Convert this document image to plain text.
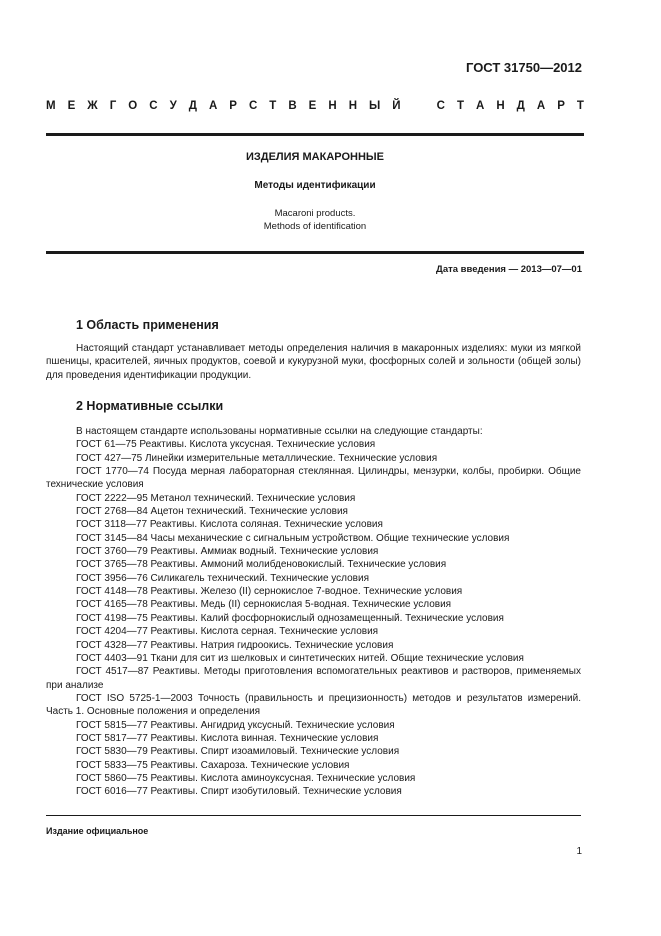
ГОСТ 31750—2012
М Е Ж Г О С У Д А Р С Т В Е Н Н Ы Й	С Т А Н Д А Р Т
ИЗДЕЛИЯ МАКАРОННЫЕ
Методы идентификации
Macaroni products.
Methods of identification
Дата введения — 2013—07—01
1 Область применения
Настоящий стандарт устанавливает методы определения наличия в макаронных изделиях: муки из мягкой пшеницы, красителей, яичных продуктов, соевой и кукурузной муки, фосфорных солей и зольности (общей золы) для проведения идентификации продукции.
2 Нормативные ссылки
В настоящем стандарте использованы нормативные ссылки на следующие стандарты:
ГОСТ 61—75 Реактивы. Кислота уксусная. Технические условия
ГОСТ 427—75 Линейки измерительные металлические. Технические условия
ГОСТ 1770—74 Посуда мерная лабораторная стеклянная. Цилиндры, мензурки, колбы, пробирки. Общие технические условия
ГОСТ 2222—95 Метанол технический. Технические условия
ГОСТ 2768—84 Ацетон технический. Технические условия
ГОСТ 3118—77 Реактивы. Кислота соляная. Технические условия
ГОСТ 3145—84 Часы механические с сигнальным устройством. Общие технические условия
ГОСТ 3760—79 Реактивы. Аммиак водный. Технические условия
ГОСТ 3765—78 Реактивы. Аммоний молибденовокислый. Технические условия
ГОСТ 3956—76 Силикагель технический. Технические условия
ГОСТ 4148—78 Реактивы. Железо (II) сернокислое 7-водное. Технические условия
ГОСТ 4165—78 Реактивы. Медь (II) сернокислая 5-водная. Технические условия
ГОСТ 4198—75 Реактивы. Калий фосфорнокислый однозамещенный. Технические условия
ГОСТ 4204—77 Реактивы. Кислота серная. Технические условия
ГОСТ 4328—77 Реактивы. Натрия гидроокись. Технические условия
ГОСТ 4403—91 Ткани для сит из шелковых и синтетических нитей. Общие технические условия
ГОСТ 4517—87 Реактивы. Методы приготовления вспомогательных реактивов и растворов, применяемых при анализе
ГОСТ ISO 5725-1—2003 Точность (правильность и прецизионность) методов и результатов измерений. Часть 1. Основные положения и определения
ГОСТ 5815—77 Реактивы. Ангидрид уксусный. Технические условия
ГОСТ 5817—77 Реактивы. Кислота винная. Технические условия
ГОСТ 5830—79 Реактивы. Спирт изоамиловый. Технические условия
ГОСТ 5833—75 Реактивы. Сахароза. Технические условия
ГОСТ 5860—75 Реактивы. Кислота аминоуксусная. Технические условия
ГОСТ 6016—77 Реактивы. Спирт изобутиловый. Технические условия
Издание официальное
1
